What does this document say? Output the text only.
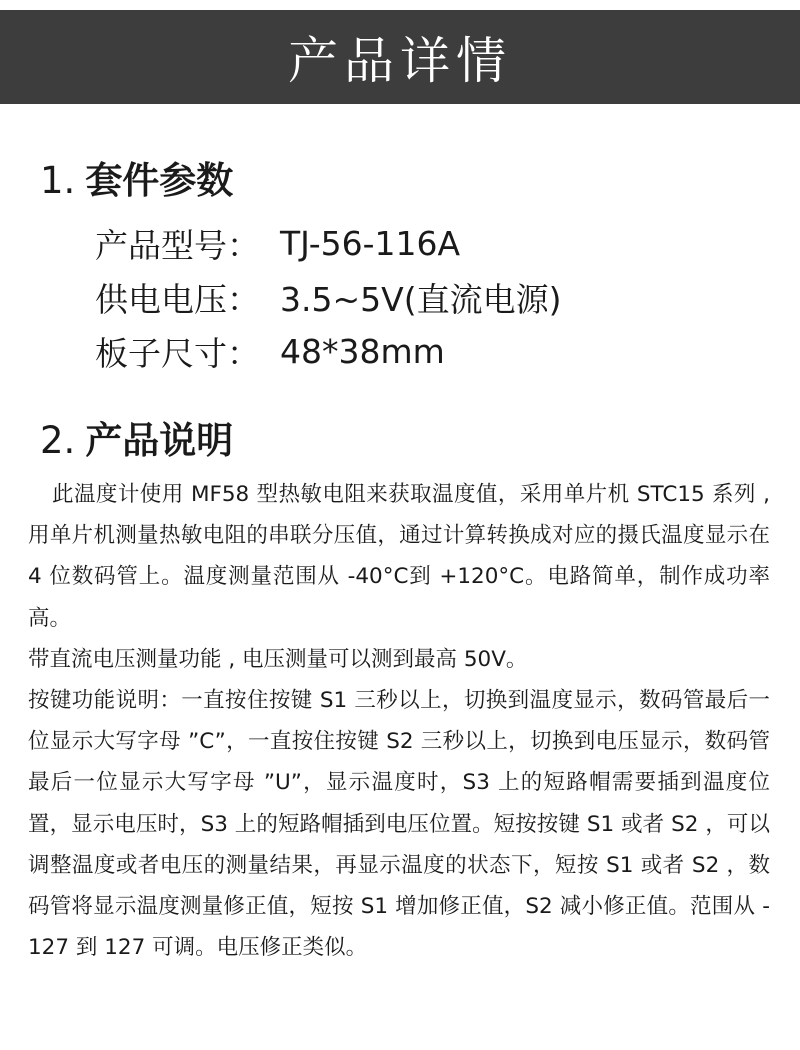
产品详情
1. 套件参数
产品型号： TJ-56-116A
供电电压： 3.5~5V(直流电源)
板子尺寸： 48*38mm
2. 产品说明

此温度计使用 MF58 型热敏电阻来获取温度值，采用单片机 STC15 系列 , 用单片机测量热敏电阻的串联分压值，通过计算转换成对应的摄氏温度显示在 4 位数码管上。温度测量范围从 -40°C到 +120°C。电路简单，制作成功率高。

带直流电压测量功能 , 电压测量可以测到最高 50V。

按键功能说明：一直按住按键 S1 三秒以上，切换到温度显示，数码管最后一位显示大写字母 ”C”，一直按住按键 S2 三秒以上，切换到电压显示，数码管最后一位显示大写字母 ”U”，显示温度时，S3 上的短路帽需要插到温度位置，显示电压时，S3 上的短路帽插到电压位置。短按按键 S1 或者 S2 ，可以调整温度或者电压的测量结果，再显示温度的状态下，短按 S1 或者 S2 ，数码管将显示温度测量修正值，短按 S1 增加修正值，S2 减小修正值。范围从 -127 到 127 可调。电压修正类似。
